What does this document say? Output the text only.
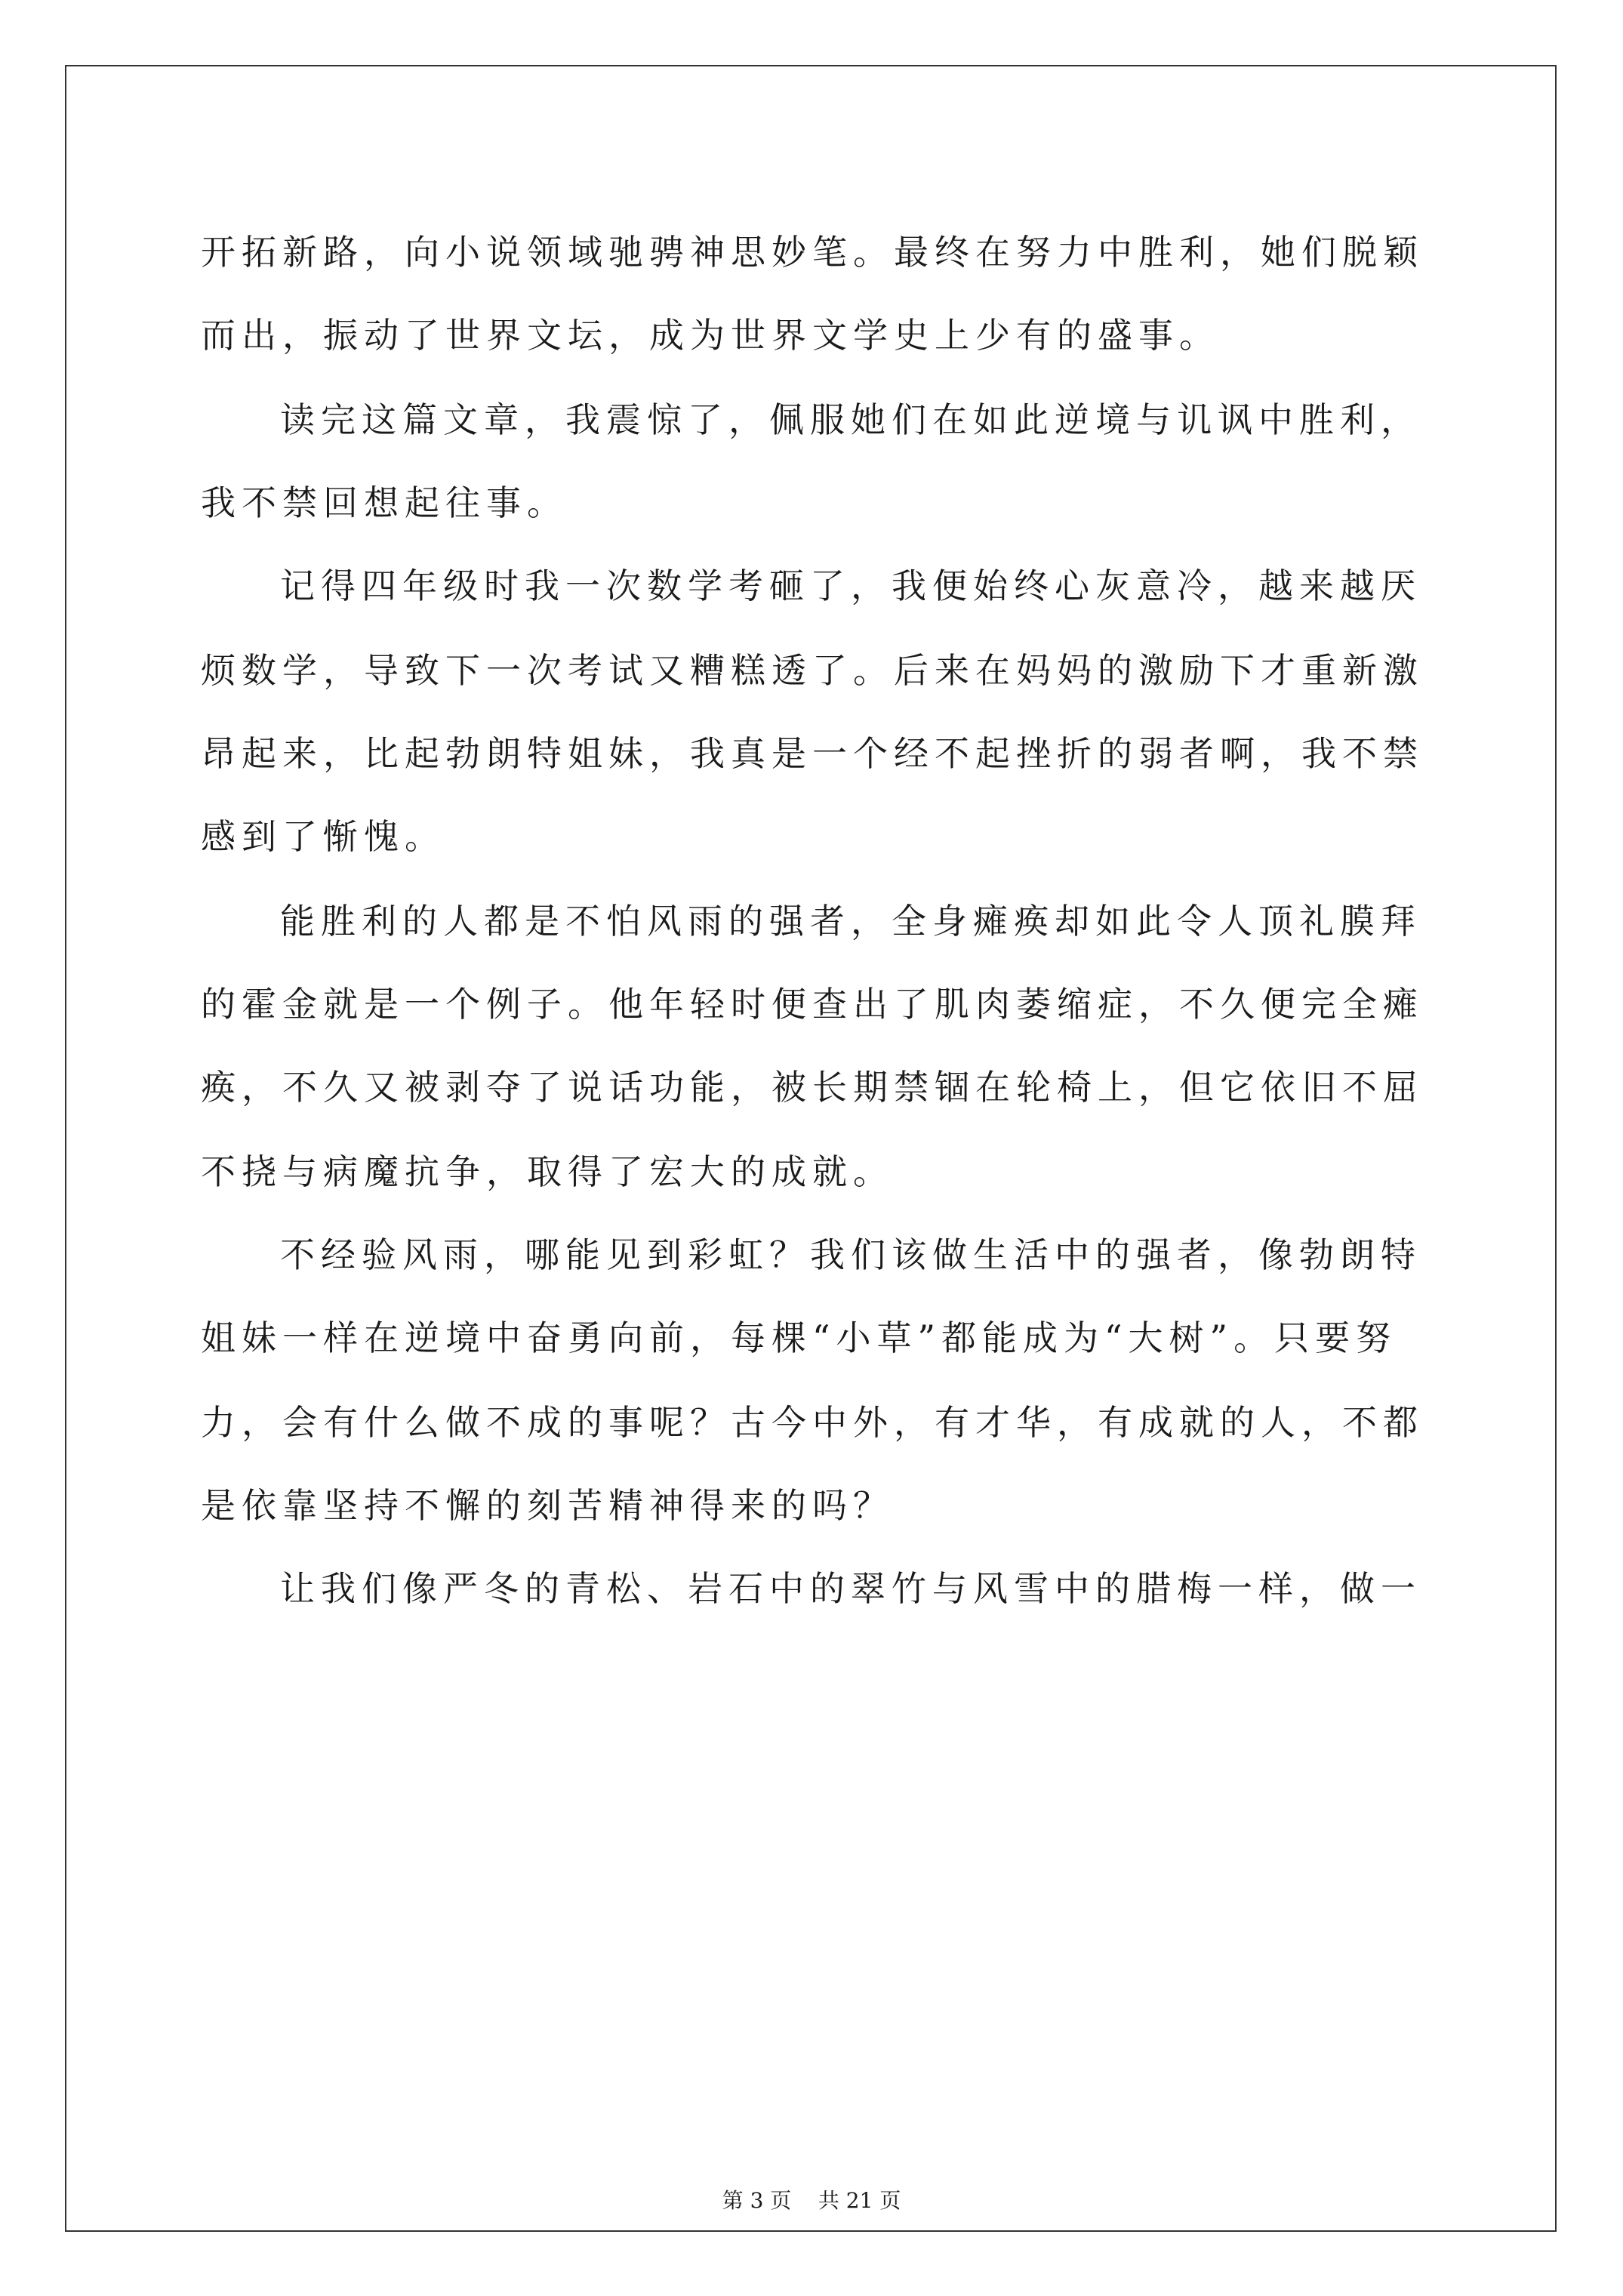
开拓新路，向小说领域驰骋神思妙笔。最终在努力中胜利，她们脱颖
而出，振动了世界文坛，成为世界文学史上少有的盛事。
读完这篇文章，我震惊了，佩服她们在如此逆境与讥讽中胜利，
我不禁回想起往事。
记得四年级时我一次数学考砸了，我便始终心灰意冷，越来越厌
烦数学，导致下一次考试又糟糕透了。后来在妈妈的激励下才重新激
昂起来，比起勃朗特姐妹，我真是一个经不起挫折的弱者啊，我不禁
感到了惭愧。
能胜利的人都是不怕风雨的强者，全身瘫痪却如此令人顶礼膜拜
的霍金就是一个例子。他年轻时便查出了肌肉萎缩症，不久便完全瘫
痪，不久又被剥夺了说话功能，被长期禁锢在轮椅上，但它依旧不屈
不挠与病魔抗争，取得了宏大的成就。
不经验风雨，哪能见到彩虹？我们该做生活中的强者，像勃朗特
姐妹一样在逆境中奋勇向前，每棵“小草”都能成为“大树”。只要努
力，会有什么做不成的事呢？古今中外，有才华，有成就的人，不都
是依靠坚持不懈的刻苦精神得来的吗？
让我们像严冬的青松、岩石中的翠竹与风雪中的腊梅一样，做一
第 3 页    共 21 页
